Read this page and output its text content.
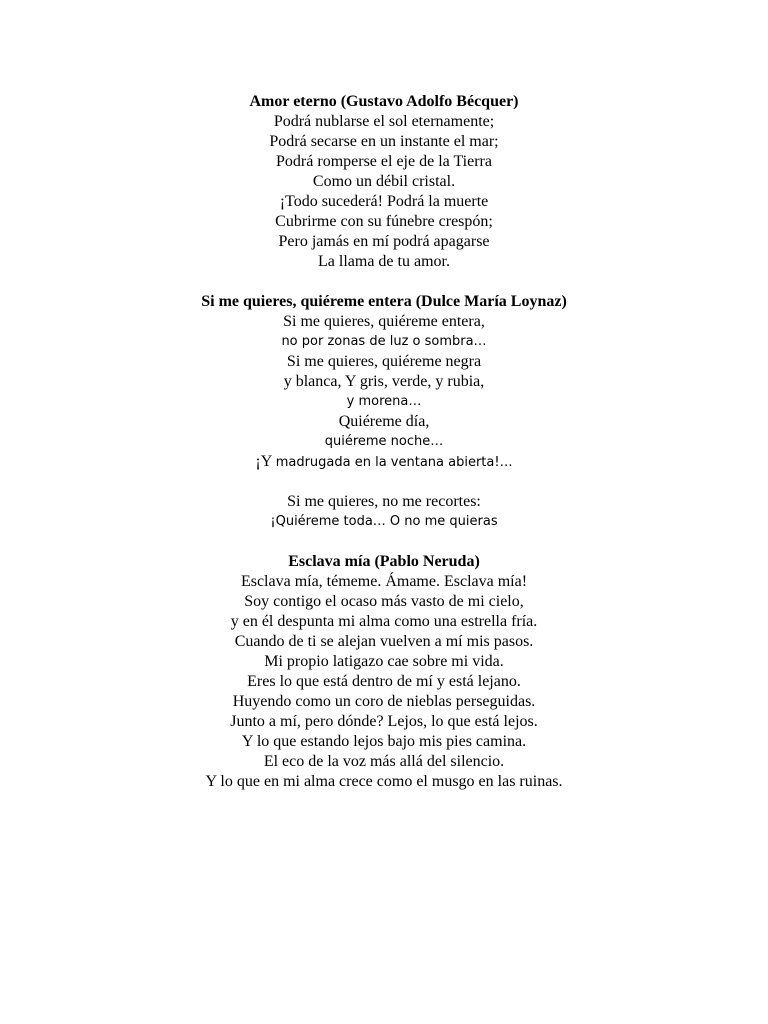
Amor eterno (Gustavo Adolfo Bécquer)
Podrá nublarse el sol eternamente;
Podrá secarse en un instante el mar;
Podrá romperse el eje de la Tierra
Como un débil cristal.
¡Todo sucederá! Podrá la muerte
Cubrirme con su fúnebre crespón;
Pero jamás en mí podrá apagarse
La llama de tu amor.
Si me quieres, quiéreme entera (Dulce María Loynaz)
Si me quieres, quiéreme entera,
no por zonas de luz o sombra…
Si me quieres, quiéreme negra
y blanca, Y gris, verde, y rubia,
y morena…
Quiéreme día,
quiéreme noche…
¡Y madrugada en la ventana abierta!…
Si me quieres, no me recortes:
¡Quiéreme toda… O no me quieras
Esclava mía (Pablo Neruda)
Esclava mía, témeme. Ámame. Esclava mía!
Soy contigo el ocaso más vasto de mi cielo,
y en él despunta mi alma como una estrella fría.
Cuando de ti se alejan vuelven a mí mis pasos.
Mi propio latigazo cae sobre mi vida.
Eres lo que está dentro de mí y está lejano.
Huyendo como un coro de nieblas perseguidas.
Junto a mí, pero dónde? Lejos, lo que está lejos.
Y lo que estando lejos bajo mis pies camina.
El eco de la voz más allá del silencio.
Y lo que en mi alma crece como el musgo en las ruinas.
